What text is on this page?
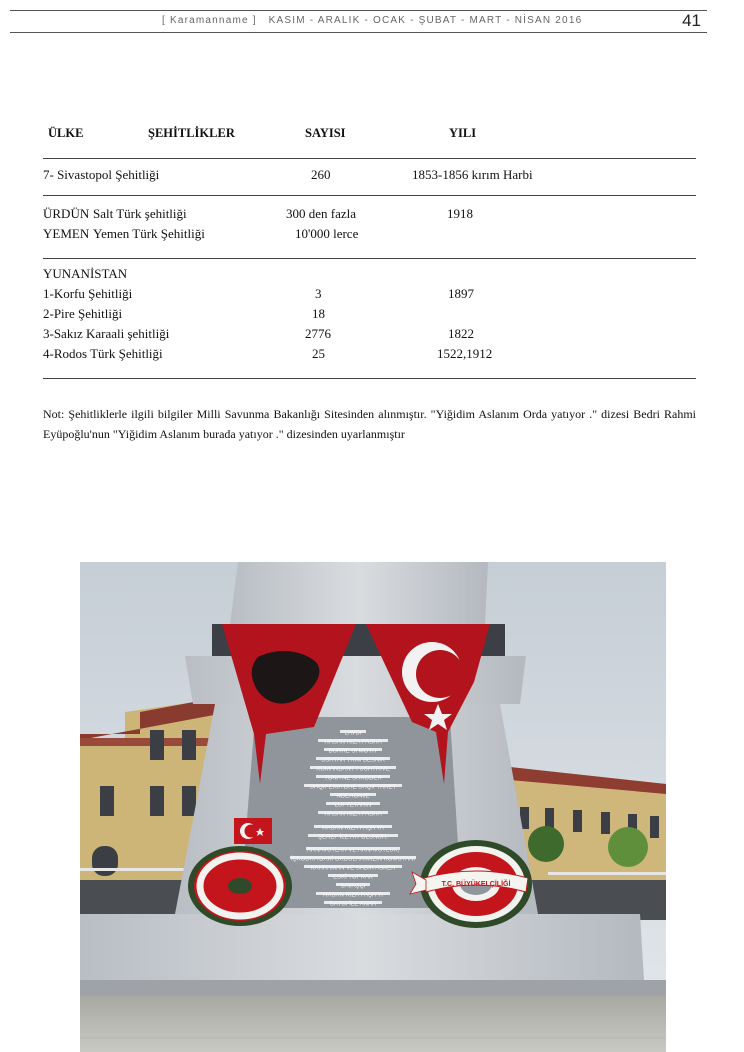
[ Karamanname ] KASIM - ARALIK - OCAK - ŞUBAT - MART - NİSAN 2016	41
ÜLKE	ŞEHİTLİKLER	SAYISI	YILI
7- Sivastopol Şehitliği	260	1853-1856 kırım Harbi
ÜRDÜN Salt Türk şehitliği	300 den fazla	1918
YEMEN Yemen Türk Şehitliği	10'000 lerce
YUNANİSTAN
1-Korfu Şehitliği	3	1897
2-Pire Şehitliği	18
3-Sakız Karaali şehitliği	2776	1822
4-Rodos Türk Şehitliği	25	1522,1912
Not: Şehitliklerle ilgili bilgiler Milli Savunma Bakanlığı Sitesinden alınmıştır. "Yiğidim Aslanım Orda yatıyor ." dizesi Bedri Rahmi Eyüpoğlu'nun "Yiğidim Aslanım burada yatıyor ." dizesinden uyarlanmıştır
LAVDI
HASAN RIZA PASHA
BURRE SI MOTIT
USHTAR TRIM BESNIK
KOMANDANT I USHTRIVE
TONA NE SHKODER
SHQIPERIA DHE SHQIPTARET
NDERONJE
LUFTETARIN
HASAN RIZA PASHA
HASAN RIZA PAŞA'YA
ŞEREF İLE ATFOLUNUR.
ARNAVUTLAR VE ARNAVUTLUK,
İŞKODRA'DAKİ ORDULARIMIZIN KOMUTANI
KAHRAMAN VE SADIK ASKER
ESKİ TOPRAK
SAVAŞÇI
HASAN RIZA PAŞA'YI
SAYGI İLE ANAR
T.C. BÜYÜKELÇİLİĞİ
